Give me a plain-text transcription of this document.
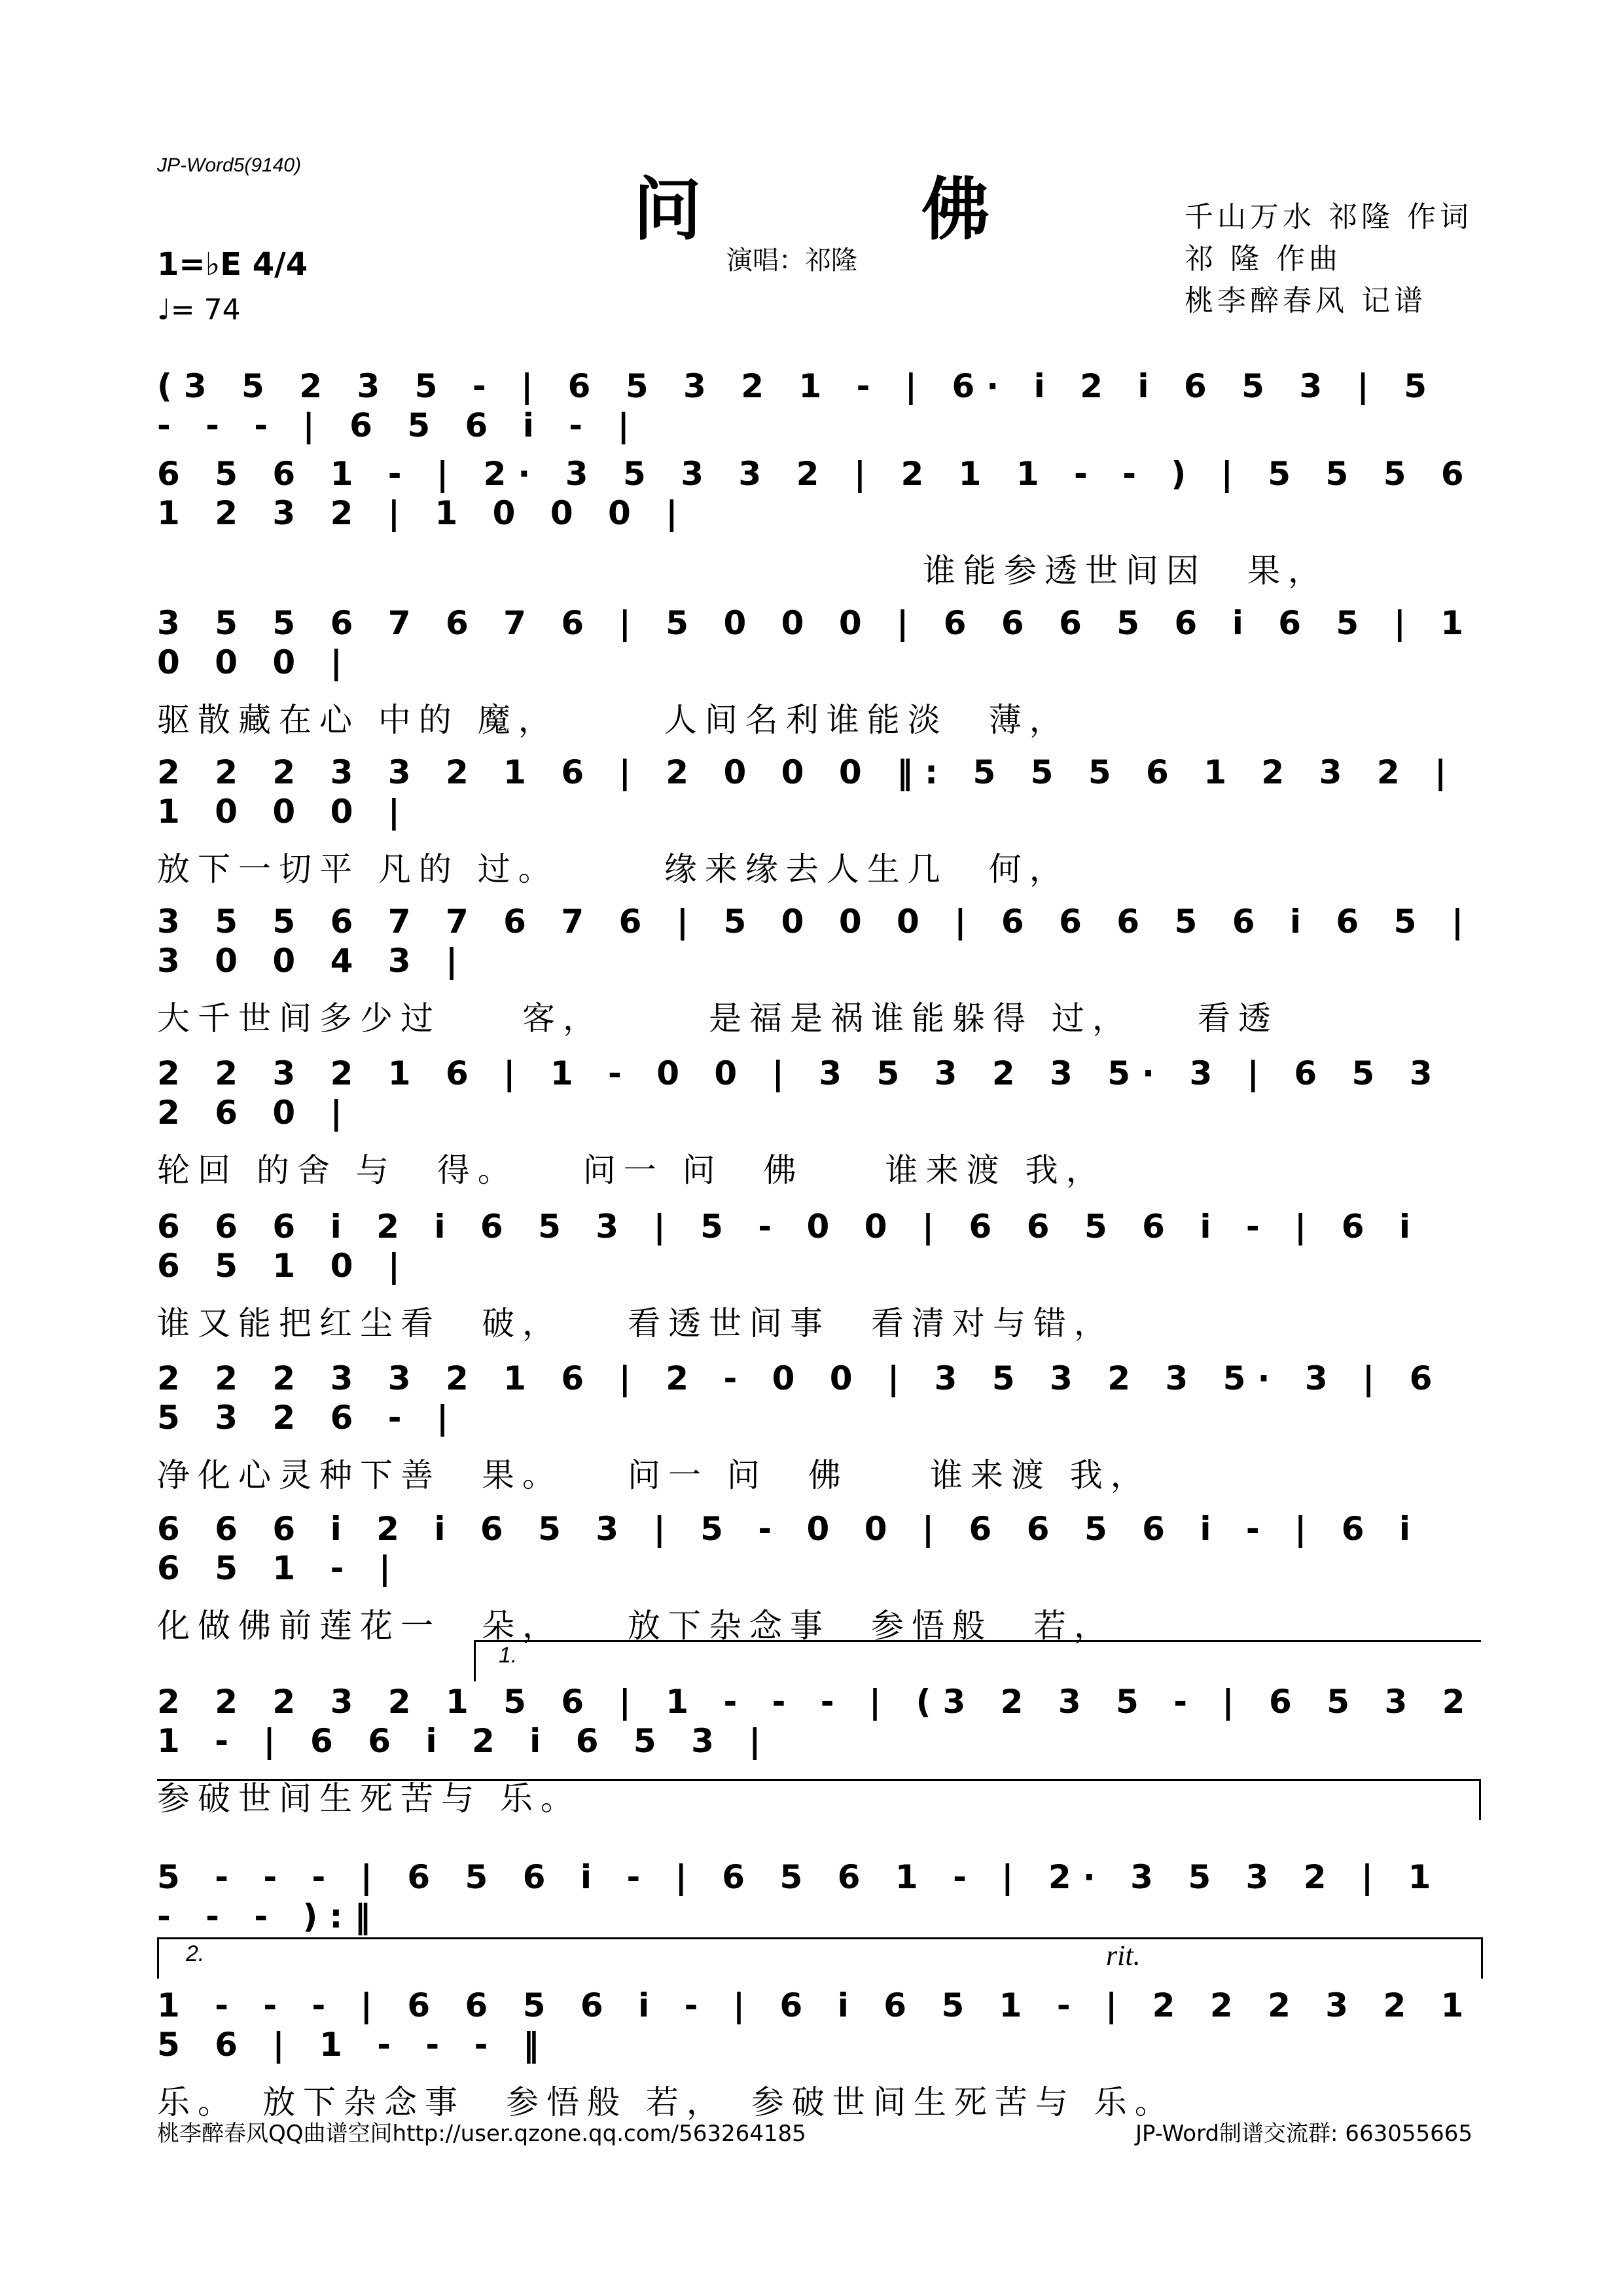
JP-Word5(9140)
问 佛
演唱：祁隆
千山万水 祁隆 作词
祁 隆 作曲
桃李醉春风 记谱
1=♭E 4/4
♩= 74
(3 5 2 3 5 - | 6 5 3 2 1 - | 6· i 2 i 6 5 3 | 5 - - - | 6 5 6 i - |
6 5 6 1 - | 2· 3 5 3 3 2 | 2 1 1 - - ) | 5 5 5 6 1 2 3 2 | 1 0 0 0 |
谁能参透世间因　果，
3 5 5 6 7 6 7 6 | 5 0 0 0 | 6 6 6 5 6 i 6 5 | 1 0 0 0 |
驱散藏在心 中的 魔，　　　人间名利谁能淡　薄，
2 2 2 3 3 2 1 6 | 2 0 0 0 ‖: 5 5 5 6 1 2 3 2 | 1 0 0 0 |
放下一切平 凡的 过。　　　缘来缘去人生几　何，
3 5 5 6 7 7 6 7 6 | 5 0 0 0 | 6 6 6 5 6 i 6 5 | 3 0 0 4 3 |
大千世间多少过　　客，　　　是福是祸谁能躲得 过，　　看透
2 2 3 2 1 6 | 1 - 0 0 | 3 5 3 2 3 5· 3 | 6 5 3 2 6 0 |
轮回 的舍 与　得。　　问一 问　佛　　谁来渡 我，
6 6 6 i 2 i 6 5 3 | 5 - 0 0 | 6 6 5 6 i - | 6 i 6 5 1 0 |
谁又能把红尘看　破，　　看透世间事　看清对与错，
2 2 2 3 3 2 1 6 | 2 - 0 0 | 3 5 3 2 3 5· 3 | 6 5 3 2 6 - |
净化心灵种下善　果。　　问一 问　佛　　谁来渡 我，
6 6 6 i 2 i 6 5 3 | 5 - 0 0 | 6 6 5 6 i - | 6 i 6 5 1 - |
化做佛前莲花一　朵，　　放下杂念事　参悟般　若，
1.
2 2 2 3 2 1 5 6 | 1 - - - | (3 2 3 5 - | 6 5 3 2 1 - | 6 6 i 2 i 6 5 3 |
参破世间生死苦与 乐。
5 - - - | 6 5 6 i - | 6 5 6 1 - | 2· 3 5 3 2 | 1 - - - ):‖
2.	rit.
1 - - - | 6 6 5 6 i - | 6 i 6 5 1 - | 2 2 2 3 2 1 5 6 | 1 - - - ‖
乐。　放下杂念事　参悟般 若，　参破世间生死苦与 乐。
桃李醉春风QQ曲谱空间http://user.qzone.qq.com/563264185	JP-Word制谱交流群: 663055665
